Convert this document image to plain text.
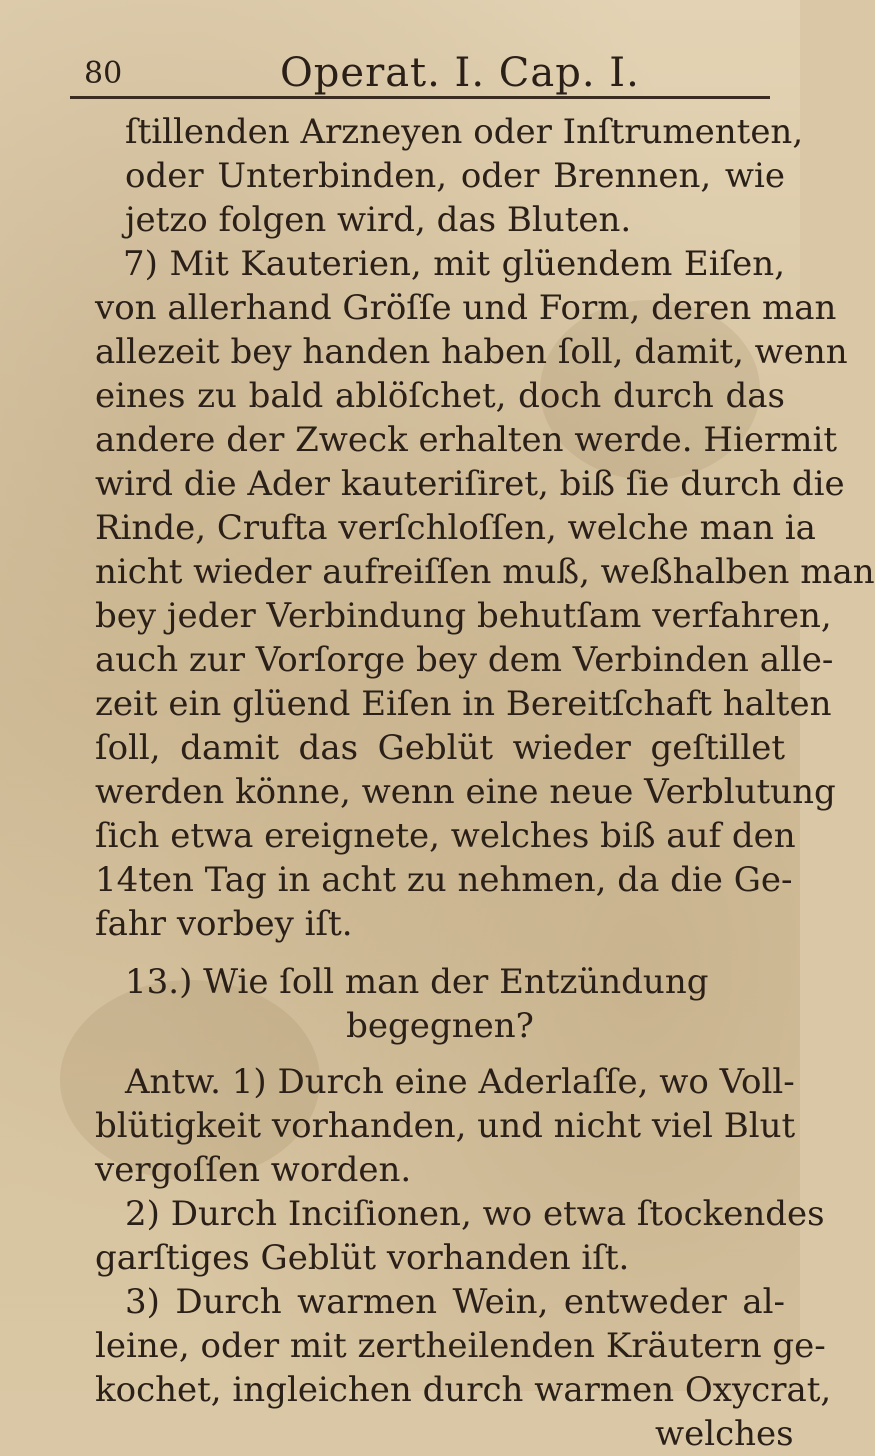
80	Operat. I. Cap. I.
ſtillenden Arzneyen oder Inſtrumenten,
oder Unterbinden, oder Brennen, wie
jetzo folgen wird, das Bluten.
7) Mit Kauterien, mit glüendem Eiſen,
von allerhand Gröſſe und Form, deren man
allezeit bey handen haben ſoll, damit, wenn
eines zu bald ablöſchet, doch durch das
andere der Zweck erhalten werde. Hiermit
wird die Ader kauteriſiret, biß ſie durch die
Rinde, Crufta verſchloſſen, welche man ia
nicht wieder aufreiſſen muß, weßhalben man
bey jeder Verbindung behutſam verfahren,
auch zur Vorſorge bey dem Verbinden alle-
zeit ein glüend Eiſen in Bereitſchaft halten
ſoll, damit das Geblüt wieder geſtillet
werden könne, wenn eine neue Verblutung
ſich etwa ereignete, welches biß auf den
14ten Tag in acht zu nehmen, da die Ge-
fahr vorbey iſt.
13.) Wie ſoll man der Entzündung
begegnen?
Antw. 1) Durch eine Aderlaſſe, wo Voll-
blütigkeit vorhanden, und nicht viel Blut
vergoſſen worden.
2) Durch Inciſionen, wo etwa ſtockendes
garſtiges Geblüt vorhanden iſt.
3) Durch warmen Wein, entweder al-
leine, oder mit zertheilenden Kräutern ge-
kochet, ingleichen durch warmen Oxycrat,
welches
